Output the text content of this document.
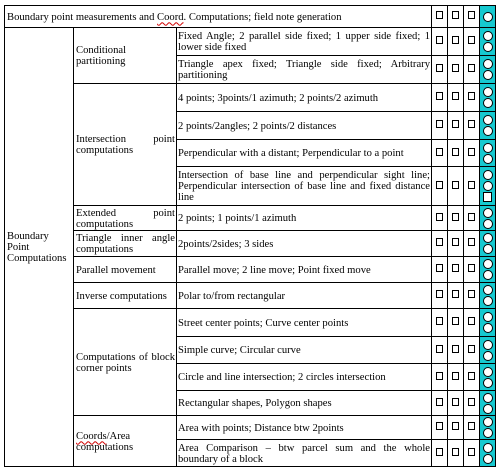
Boundary point measurements and Coord. Computations; field note generation						

Boundary Point Computations	Conditional partitioning	Fixed Angle; 2 parallel side fixed; 1 upper side fixed; 1 lower side fixed				

		Triangle apex fixed; Triangle side fixed; Arbitrary partitioning				

	Intersection point computations	4 points; 3points/1 azimuth; 2 points/2 azimuth				

		2 points/2angles; 2 points/2 distances				

		Perpendicular with a distant; Perpendicular to a point				

		Intersection of base line and perpendicular sight line; Perpendicular intersection of base line and fixed distance line				

	Extended point computations	2 points; 1 points/1 azimuth				

	Triangle inner angle computations	2points/2sides; 3 sides				

	Parallel movement	Parallel move; 2 line move; Point fixed move				

	Inverse computations	Polar to/from rectangular				

	Computations of block corner points	Street center points; Curve center points				

		Simple curve; Circular curve				

		Circle and line intersection; 2 circles intersection				

		Rectangular shapes, Polygon shapes				

	Coords/Area computations	Area with points; Distance btw 2points				

		Area Comparison – btw parcel sum and the whole boundary of a block				
